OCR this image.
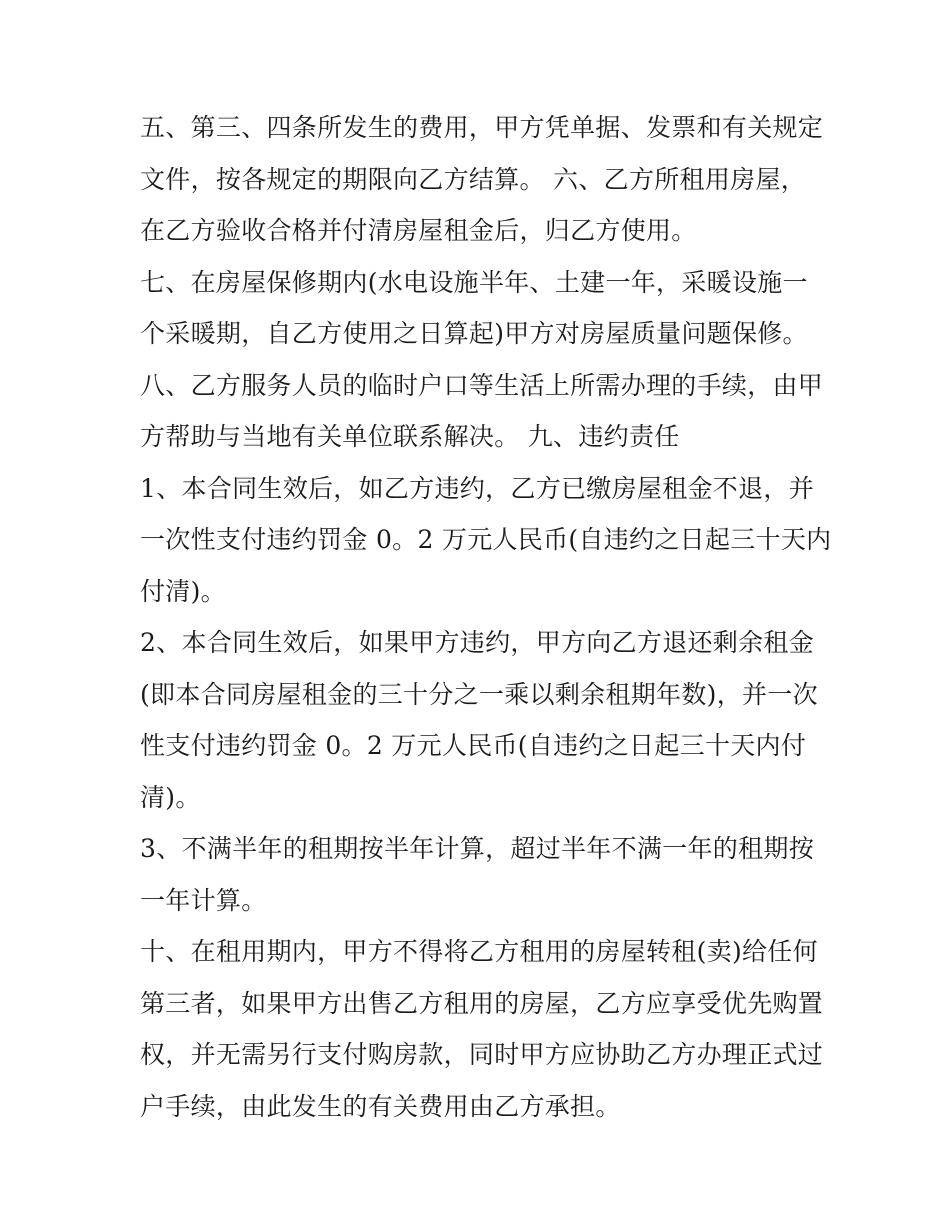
五、第三、四条所发生的费用，甲方凭单据、发票和有关规定
文件，按各规定的期限向乙方结算。 六、乙方所租用房屋，
在乙方验收合格并付清房屋租金后，归乙方使用。
七、在房屋保修期内(水电设施半年、土建一年，采暖设施一
个采暖期，自乙方使用之日算起)甲方对房屋质量问题保修。
八、乙方服务人员的临时户口等生活上所需办理的手续，由甲
方帮助与当地有关单位联系解决。 九、违约责任
1、本合同生效后，如乙方违约，乙方已缴房屋租金不退，并
一次性支付违约罚金 0。2 万元人民币(自违约之日起三十天内
付清)。
2、本合同生效后，如果甲方违约，甲方向乙方退还剩余租金
(即本合同房屋租金的三十分之一乘以剩余租期年数)，并一次
性支付违约罚金 0。2 万元人民币(自违约之日起三十天内付
清)。
3、不满半年的租期按半年计算，超过半年不满一年的租期按
一年计算。
十、在租用期内，甲方不得将乙方租用的房屋转租(卖)给任何
第三者，如果甲方出售乙方租用的房屋，乙方应享受优先购置
权，并无需另行支付购房款，同时甲方应协助乙方办理正式过
户手续，由此发生的有关费用由乙方承担。
